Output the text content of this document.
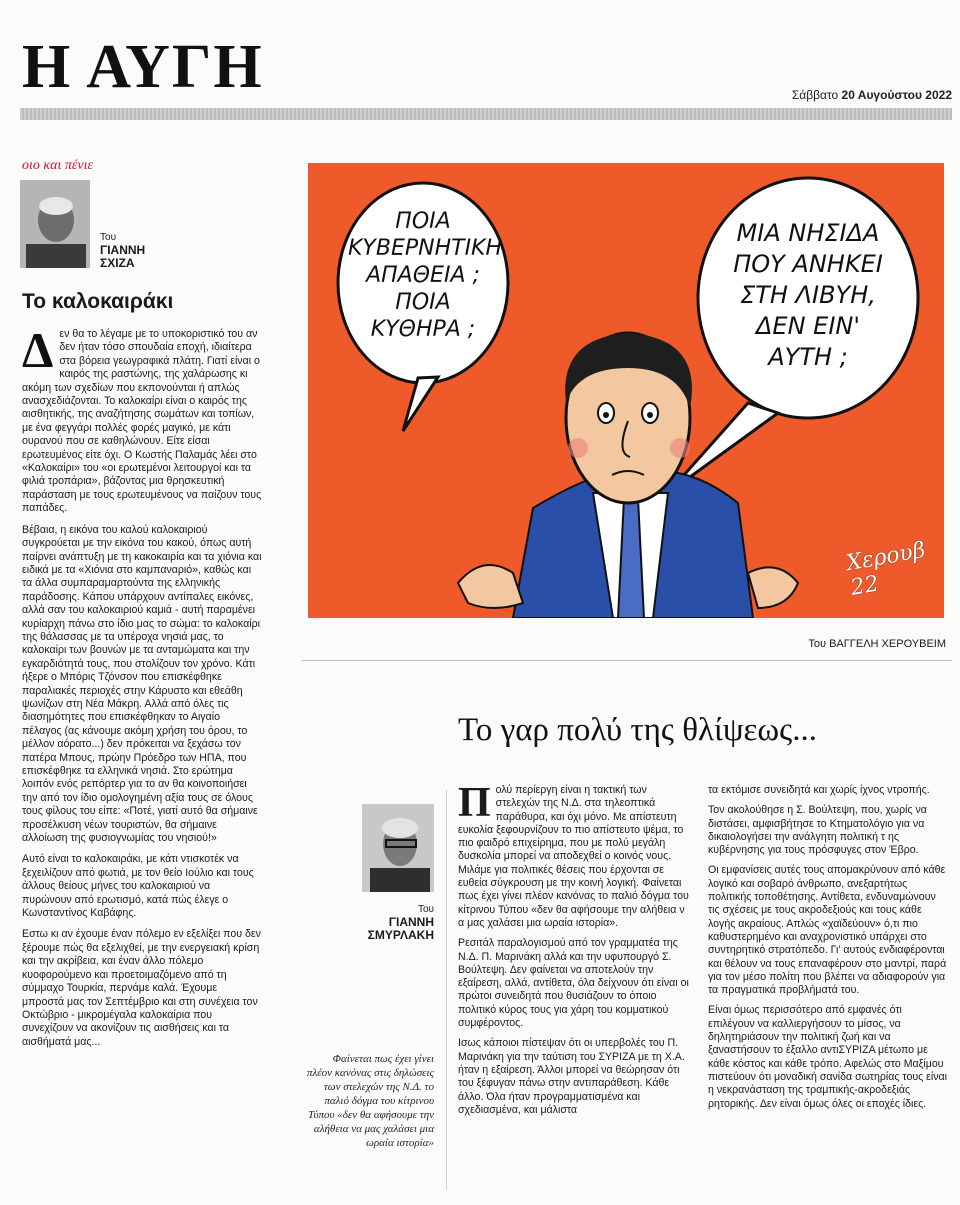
Η ΑΥΓΗ	Σάββατο 20 Αυγούστου 2022
οιο και πένιε
Του
ΓΙΑΝΝΗ ΣΧΙΖΑ
Το καλοκαιράκι

Δεν θα το λέγαμε με το υποκοριστικό του αν δεν ήταν τόσο σπουδαία εποχή, ιδιαίτερα στα βόρεια γεωγραφικά πλάτη. Γιατί είναι ο καιρός της ραστώνης, της χαλάρωσης κι ακόμη των σχεδίων που εκπονούνται ή απλώς ανασχεδιάζονται. Το καλοκαίρι είναι ο καιρός της αισθητικής, της αναζήτησης σωμάτων και τοπίων, με ένα φεγγάρι πολλές φορές μαγικό, με κάτι ουρανού που σε καθηλώνουν. Είτε είσαι ερωτευμένος είτε όχι. Ο Κωστής Παλαμάς λέει στο «Καλοκαίρι» του «οι ερωτεμένοι λειτουργοί και τα φιλιά τροπάρια», βάζοντας μια θρησκευτική παράσταση με τους ερωτευμένους να παίζουν τους παπάδες.

Βέβαια, η εικόνα του καλού καλοκαιριού συγκρούεται με την εικόνα του κακού, όπως αυτή παίρνει ανάπτυξη με τη κακοκαιρία και τα χιόνια και ειδικά με τα «Χιόνια στο καμπαναριό», καθώς και τα άλλα συμπαραμαρτούντα της ελληνικής παράδοσης. Κάπου υπάρχουν αντίπαλες εικόνες, αλλά σαν του καλοκαιριού καμιά - αυτή παραμένει κυρίαρχη πάνω στο ίδιο μας το σώμα: το καλοκαίρι της θάλασσας με τα υπέροχα νησιά μας, το καλοκαίρι των βουνών με τα ανταμώματα και την εγκαρδιότητά τους, που στολίζουν τον χρόνο. Κάτι ήξερε ο Μπόρις Τζόνσον που επισκέφθηκε παραλιακές περιοχές στην Κάρυστο και εθεάθη ψωνίζων στη Νέα Μάκρη. Αλλά από όλες τις διασημότητες που επισκέφθηκαν το Αιγαίο πέλαγος (ας κάνουμε ακόμη χρήση του όρου, το μέλλον αόρατο...) δεν πρόκειται να ξεχάσω τον πατέρα Μπους, πρώην Πρόεδρο των ΗΠΑ, που επισκέφθηκε τα ελληνικά νησιά. Στο ερώτημα λοιπόν ενός ρεπόρτερ για το αν θα κοινοποιήσει την από τον ίδιο ομολογημένη αξία τους σε όλους τους φίλους του είπε: «Ποτέ, γιατί αυτό θα σήμαινε προσέλκυση νέων τουριστών, θα σήμαινε αλλοίωση της φυσιογνωμίας του νησιού!»

Αυτό είναι το καλοκαιράκι, με κάτι ντισκοτέκ να ξεχειλίζουν από φωτιά, με τον θείο Ιούλιο και τους άλλους θείους μήνες του καλοκαιριού να πυρώνουν από ερωτισμό, κατά πώς έλεγε ο Κωνσταντίνος Καβάφης.

Εστω κι αν έχουμε έναν πόλεμο εν εξελίξει που δεν ξέρουμε πώς θα εξελιχθεί, με την ενεργειακή κρίση και την ακρίβεια, και έναν άλλο πόλεμο κυοφορούμενο και προετοιμαζόμενο από τη σύμμαχο Τουρκία, περνάμε καλά. Έχουμε μπροστά μας τον Σεπτέμβριο και στη συνέχεια τον Οκτώβριο - μικρομέγαλα καλοκαίρια που συνεχίζουν να ακονίζουν τις αισθήσεις και τα αισθήματά μας...

ΠΟΙΑ
ΚΥΒΕΡΝΗΤΙΚΗ
ΑΠΑΘΕΙΑ ;
ΠΟΙΑ
ΚΥΘΗΡΑ ;
ΜΙΑ ΝΗΣΙΔΑ
ΠΟΥ ΑΝΗΚΕΙ
ΣΤΗ ΛΙΒΥΗ,
ΔΕΝ ΕΙΝ'
ΑΥΤΗ ;
Χερουβ 22
Του ΒΑΓΓΕΛΗ ΧΕΡΟΥΒΕΙΜ
Το γαρ πολύ της θλίψεως...
Του
ΓΙΑΝΝΗ ΣΜΥΡΛΑΚΗ
Φαίνεται πως έχει γίνει πλέον κανόνας στις δηλώσεις των στελεχών της Ν.Δ. το παλιό δόγμα του κίτρινου Τύπου «δεν θα αφήσουμε την αλήθεια να μας χαλάσει μια ωραία ιστορία»

Πολύ περίεργη είναι η τακτική των στελεχών της Ν.Δ. στα τηλεοπτικά παράθυρα, και όχι μόνο. Με απίστευτη ευκολία ξεφουρνίζουν το πιο απίστευτο ψέμα, το πιο φαιδρό επιχείρημα, που με πολύ μεγάλη δυσκολία μπορεί να αποδεχθεί ο κοινός νους. Μιλάμε για πολιτικές θέσεις που έρχονται σε ευθεία σύγκρουση με την κοινή λογική. Φαίνεται πως έχει γίνει πλέον κανόνας το παλιό δόγμα του κίτρινου Τύπου «δεν θα αφήσουμε την αλήθεια ν α μας χαλάσει μια ωραία ιστορία».

Ρεσιτάλ παραλογισμού από τον γραμματέα της Ν.Δ. Π. Μαρινάκη αλλά και την υφυπουργό Σ. Βούλτεψη. Δεν φαίνεται να αποτελούν την εξαίρεση, αλλά, αντίθετα, όλα δείχνουν ότι είναι οι πρώτοι συνειδητά που θυσιάζουν το όποιο πολιτικό κύρος τους για χάρη του κομματικού συμφέροντος.

Ισως κάποιοι πίστεψαν ότι οι υπερβολές του Π. Μαρινάκη για την ταύτιση του ΣΥΡΙΖΑ με τη Χ.Α. ήταν η εξαίρεση. Άλλοι μπορεί να θεώρησαν ότι του ξέφυγαν πάνω στην αντιπαράθεση. Κάθε άλλο. Όλα ήταν προγραμματισμένα και σχεδιασμένα, και μάλιστα

τα εκτόμισε συνειδητά και χωρίς ίχνος ντροπής.

Τον ακολούθησε η Σ. Βούλτεψη, που, χωρίς να διστάσει, αμφισβήτησε το Κτηματολόγιο για να δικαιολογήσει την ανάλγητη πολιτική τ ης κυβέρνησης για τους πρόσφυγες στον Έβρο.

Οι εμφανίσεις αυτές τους απομακρύνουν από κάθε λογικό και σοβαρό άνθρωπο, ανεξαρτήτως πολιτικής τοποθέτησης. Αντίθετα, ενδυναμώνουν τις σχέσεις με τους ακροδεξιούς και τους κάθε λογής ακραίους. Απλώς «χαϊδεύουν» ό,τι πιο καθυστερημένο και αναχρονιστικό υπάρχει στο συντηρητικό στρατόπεδο. Γι' αυτούς ενδιαφέρονται και θέλουν να τους επαναφέρουν στο μαντρί, παρά για τον μέσο πολίτη που βλέπει να αδιαφορούν για τα πραγματικά προβλήματά του.

Είναι όμως περισσότερο από εμφανές ότι επιλέγουν να καλλιεργήσουν το μίσος, να δηλητηριάσουν την πολιτική ζωή και να ξαναστήσουν το έξαλλο αντιΣΥΡΙΖΑ μέτωπο με κάθε κόστος και κάθε τρόπο. Αφελώς στο Μαξίμου πιστεύουν ότι μοναδική σανίδα σωτηρίας τους είναι η νεκρανάσταση της τραμπικής-ακροδεξιάς ρητορικής. Δεν είναι όμως όλες οι εποχές ίδιες.
